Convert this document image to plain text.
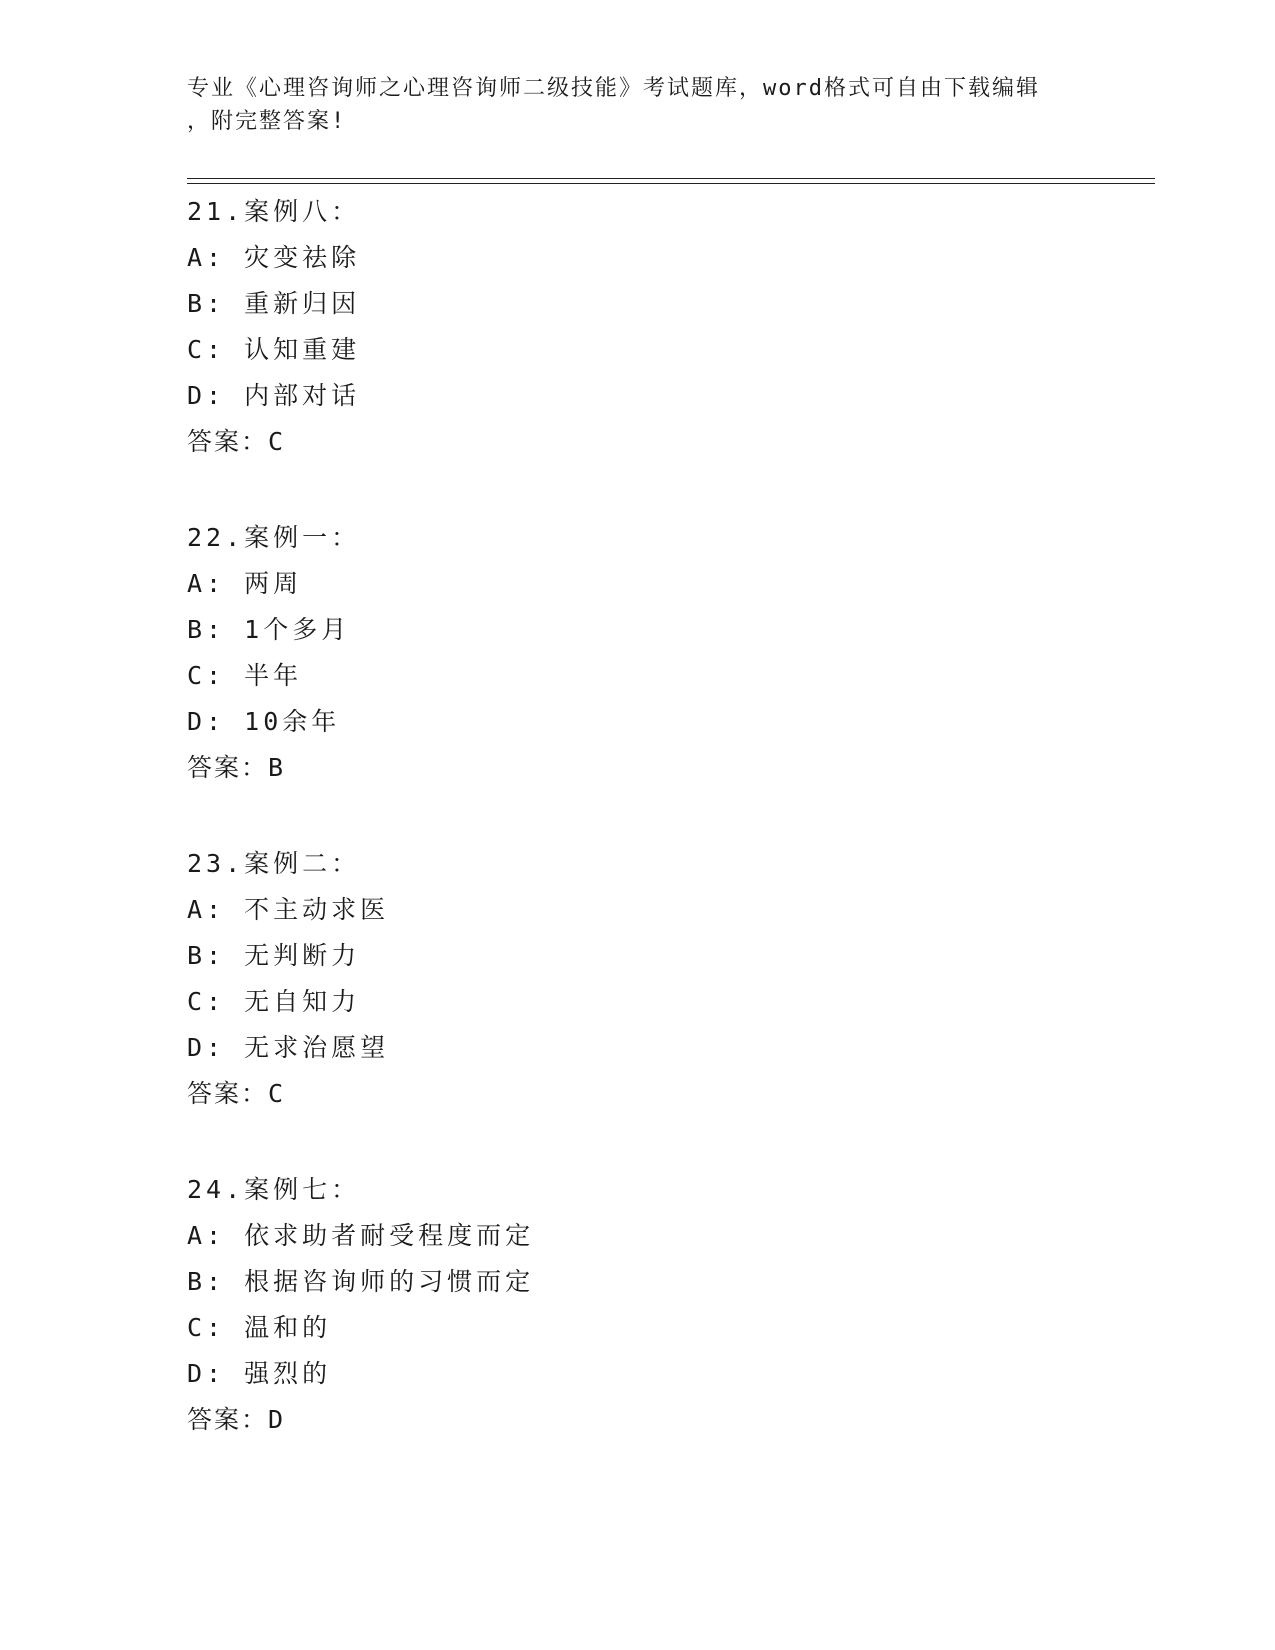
专业《心理咨询师之心理咨询师二级技能》考试题库，word格式可自由下载编辑
，附完整答案!
21.案例八：
A: 灾变祛除
B: 重新归因
C: 认知重建
D: 内部对话
答案：C
22.案例一：
A: 两周
B: 1个多月
C: 半年
D: 10余年
答案：B
23.案例二：
A: 不主动求医
B: 无判断力
C: 无自知力
D: 无求治愿望
答案：C
24.案例七：
A: 依求助者耐受程度而定
B: 根据咨询师的习惯而定
C: 温和的
D: 强烈的
答案：D
